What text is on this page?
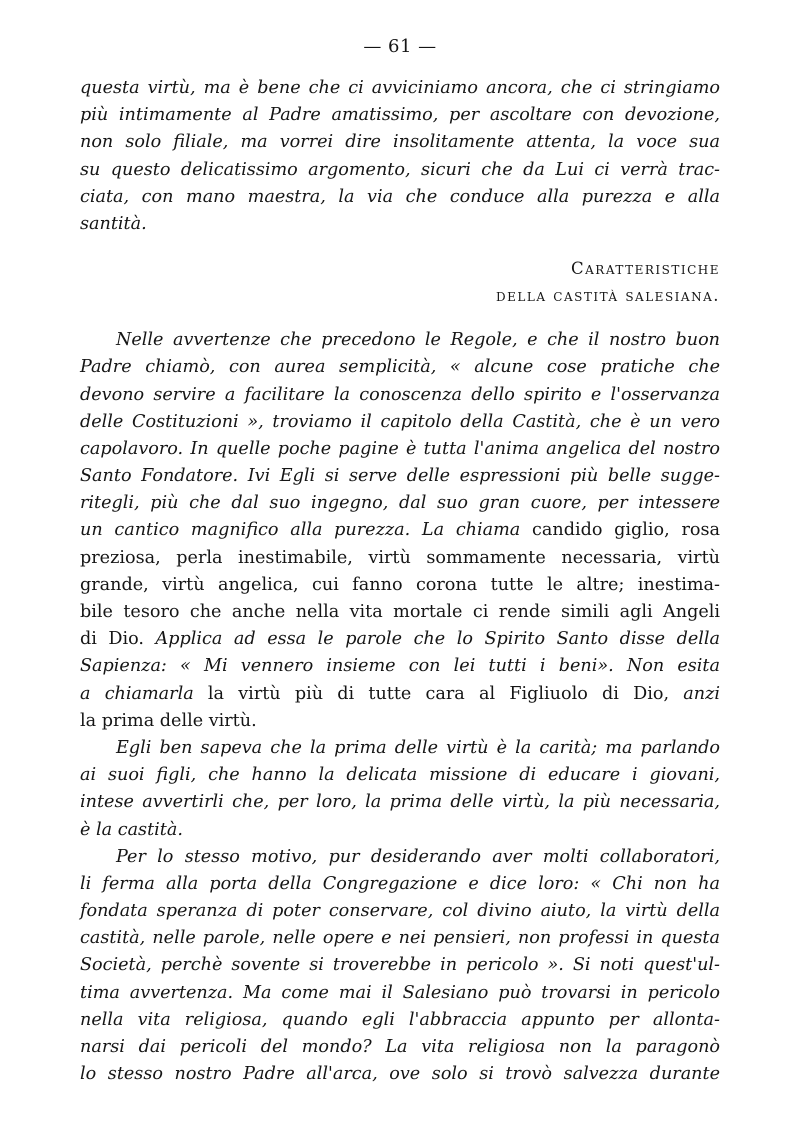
— 61 —
questa virtù, ma è bene che ci avviciniamo ancora, che ci stringiamo
più intimamente al Padre amatissimo, per ascoltare con devozione,
non solo filiale, ma vorrei dire insolitamente attenta, la voce sua
su questo delicatissimo argomento, sicuri che da Lui ci verrà trac-
ciata, con mano maestra, la via che conduce alla purezza e alla
santità.
Caratteristiche
della castità salesiana.
Nelle avvertenze che precedono le Regole, e che il nostro buon
Padre chiamò, con aurea semplicità, « alcune cose pratiche che
devono servire a facilitare la conoscenza dello spirito e l'osservanza
delle Costituzioni », troviamo il capitolo della Castità, che è un vero
capolavoro. In quelle poche pagine è tutta l'anima angelica del nostro
Santo Fondatore. Ivi Egli si serve delle espressioni più belle sugge-
ritegli, più che dal suo ingegno, dal suo gran cuore, per intessere
un cantico magnifico alla purezza. La chiama candido giglio, rosa
preziosa, perla inestimabile, virtù sommamente necessaria, virtù
grande, virtù angelica, cui fanno corona tutte le altre; inestima-
bile tesoro che anche nella vita mortale ci rende simili agli Angeli
di Dio. Applica ad essa le parole che lo Spirito Santo disse della
Sapienza: « Mi vennero insieme con lei tutti i beni». Non esita
a chiamarla la virtù più di tutte cara al Figliuolo di Dio, anzi
la prima delle virtù.
Egli ben sapeva che la prima delle virtù è la carità; ma parlando
ai suoi figli, che hanno la delicata missione di educare i giovani,
intese avvertirli che, per loro, la prima delle virtù, la più necessaria,
è la castità.
Per lo stesso motivo, pur desiderando aver molti collaboratori,
li ferma alla porta della Congregazione e dice loro: « Chi non ha
fondata speranza di poter conservare, col divino aiuto, la virtù della
castità, nelle parole, nelle opere e nei pensieri, non professi in questa
Società, perchè sovente si troverebbe in pericolo ». Si noti quest'ul-
tima avvertenza. Ma come mai il Salesiano può trovarsi in pericolo
nella vita religiosa, quando egli l'abbraccia appunto per allonta-
narsi dai pericoli del mondo? La vita religiosa non la paragonò
lo stesso nostro Padre all'arca, ove solo si trovò salvezza durante
